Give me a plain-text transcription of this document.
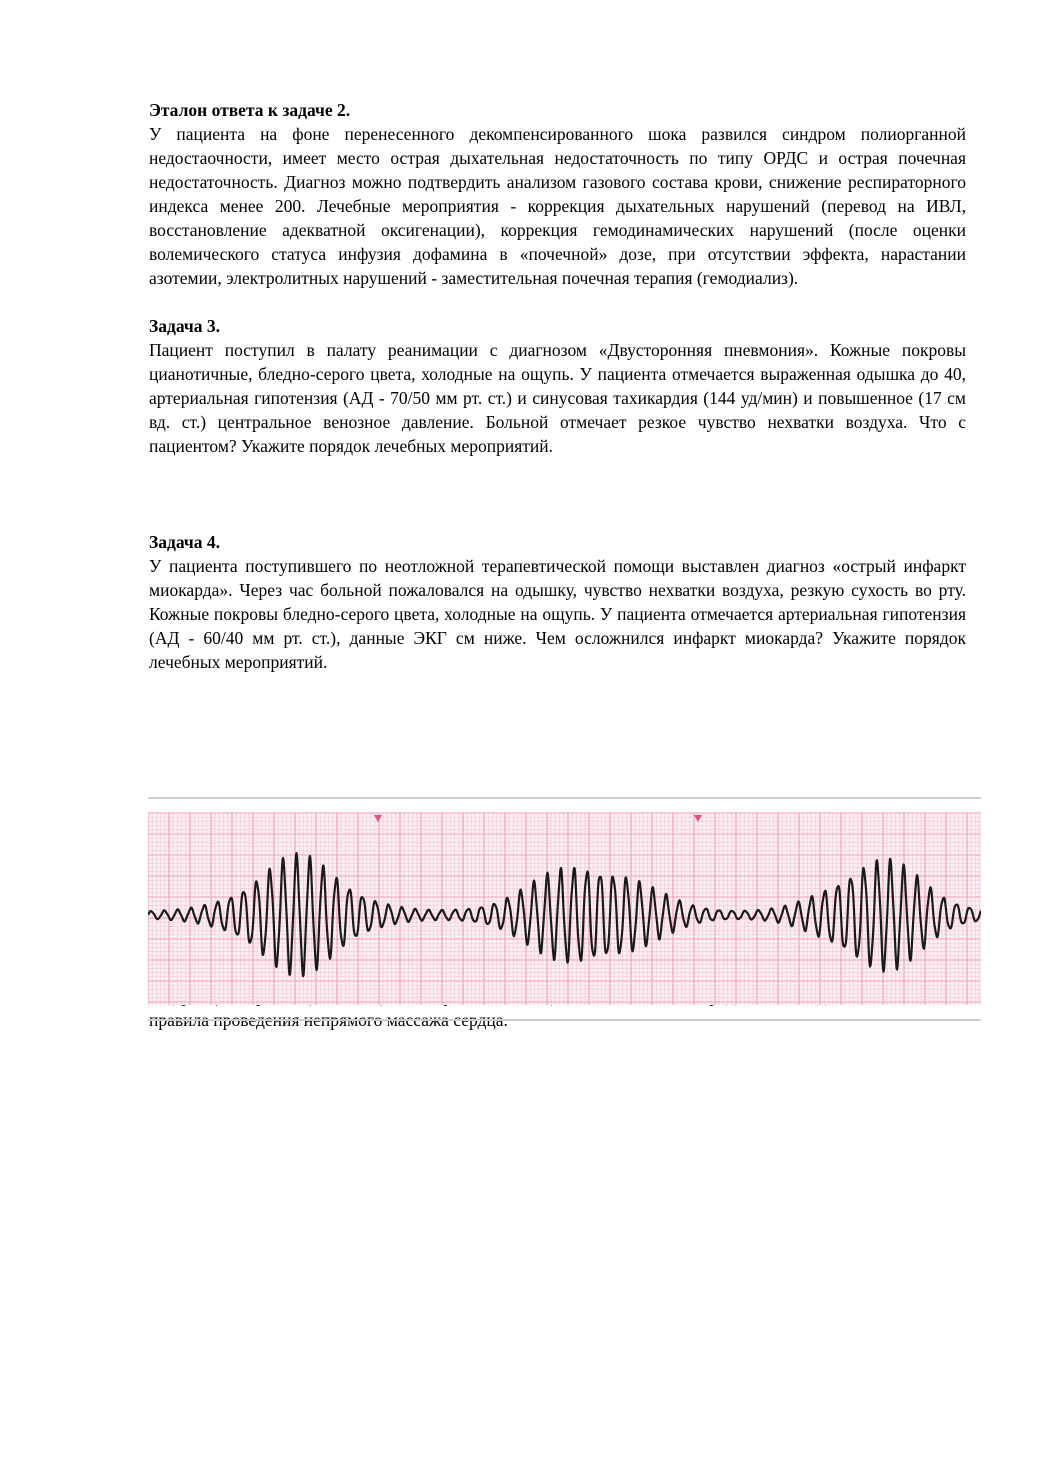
Эталон ответа к задаче 2.

У пациента на фоне перенесенного декомпенсированного шока развился синдром полиорганной недостаочности, имеет место острая дыхательная недостаточность по типу ОРДС и острая почечная недостаточность. Диагноз можно подтвердить анализом газового состава крови, снижение респираторного индекса менее 200. Лечебные мероприятия - коррекция дыхательных нарушений (перевод на ИВЛ, восстановление адекватной оксигенации), коррекция гемодинамических нарушений (после оценки волемического статуса инфузия дофамина в «почечной» дозе, при отсутствии эффекта, нарастании азотемии, электролитных нарушений - заместительная почечная терапия (гемодиализ).

Задача 3.

Пациент поступил в палату реанимации с диагнозом «Двусторонняя пневмония». Кожные покровы цианотичные, бледно-серого цвета, холодные на ощупь. У пациента отмечается выраженная одышка до 40, артериальная гипотензия (АД - 70/50 мм рт. ст.) и синусовая тахикардия (144 уд/мин) и повышенное (17 см вд. ст.) центральное венозное давление. Больной отмечает резкое чувство нехватки воздуха. Что с пациентом? Укажите порядок лечебных мероприятий.

Задача 4.

У пациента поступившего по неотложной терапевтической помощи выставлен диагноз «острый инфаркт миокарда». Через час больной пожаловался на одышку, чувство нехватки воздуха, резкую сухость во рту. Кожные покровы бледно-серого цвета, холодные на ощупь. У пациента отмечается артериальная гипотензия (АД - 60/40 мм рт. ст.), данные ЭКГ см ниже. Чем осложнился инфаркт миокарда? Укажите порядок лечебных мероприятий.

правила проведения непрямого массажа сердца.
